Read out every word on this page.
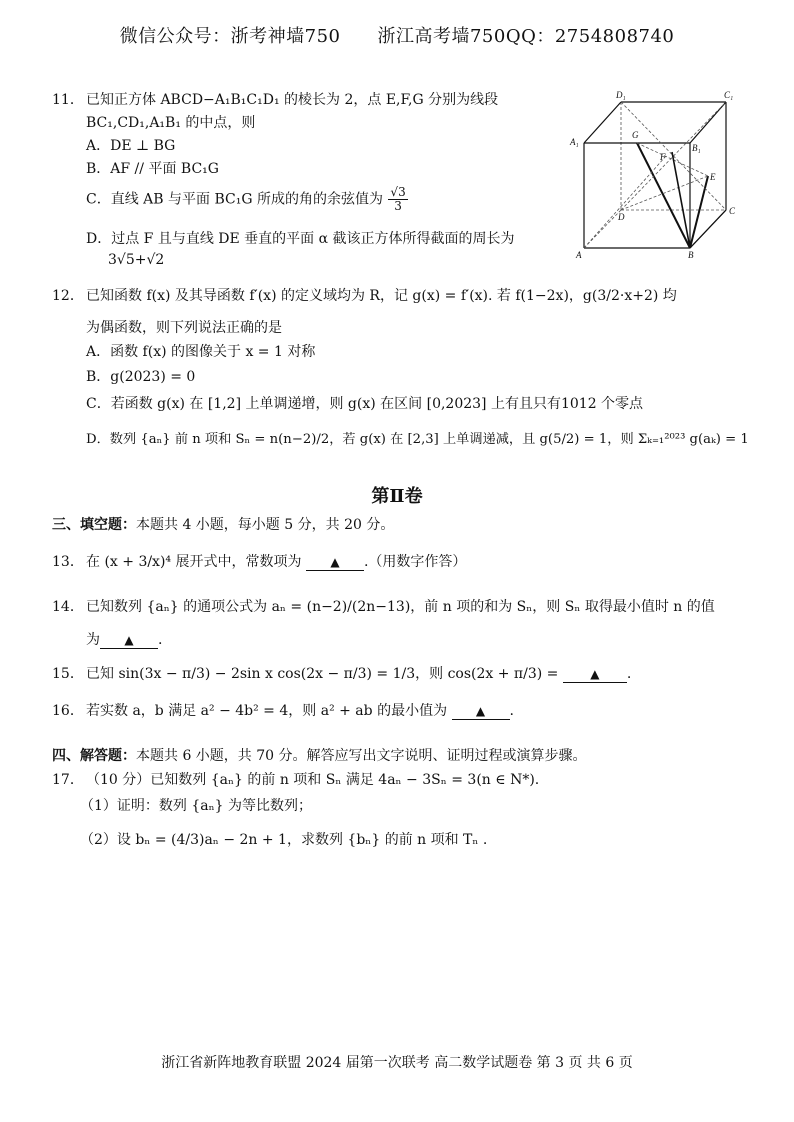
微信公众号：浙考神墙750　　浙江高考墙750QQ：2754808740
11． 已知正方体 ABCD−A₁B₁C₁D₁ 的棱长为 2，点 E,F,G 分别为线段
BC₁,CD₁,A₁B₁ 的中点，则
A．DE ⊥ BG
B．AF // 平面 BC₁G
C．直线 AB 与平面 BC₁G 所成的角的余弦值为 $\frac{√3}{3}$
D．过点 F 且与直线 DE 垂直的平面 α 截该正方体所得截面的周长为
3√5+√2
D₁	C₁
A₁
B₁
G
F
E
D
C
A	B
12． 已知函数 f(x) 及其导函数 f′(x) 的定义域均为 R，记 g(x) = f′(x). 若 f(1−2x)，g(3/2·x+2) 均
为偶函数，则下列说法正确的是
A．函数 f(x) 的图像关于 x = 1 对称
B．g(2023) = 0
C．若函数 g(x) 在 [1,2] 上单调递增，则 g(x) 在区间 [0,2023] 上有且只有1012 个零点
D．数列 {aₙ} 前 n 项和 Sₙ = n(n−2)/2，若 g(x) 在 [2,3] 上单调递减，且 g(5/2) = 1，则 Σₖ₌₁²⁰²³ g(aₖ) = 1
第Ⅱ卷
三、填空题：本题共 4 小题，每小题 5 分，共 20 分。
13． 在 (x + 3/x)⁴ 展开式中，常数项为 ▲ .（用数字作答）
14． 已知数列 {aₙ} 的通项公式为 aₙ = (n−2)/(2n−13)，前 n 项的和为 Sₙ，则 Sₙ 取得最小值时 n 的值
为 ▲ .
15． 已知 sin(3x − π/3) − 2sin x cos(2x − π/3) = 1/3，则 cos(2x + π/3) =	▲ .
16． 若实数 a，b 满足 a² − 4b² = 4，则 a² + ab 的最小值为 ▲ .
四、解答题：本题共 6 小题，共 70 分。解答应写出文字说明、证明过程或演算步骤。
17． （10 分）已知数列 {aₙ} 的前 n 项和 Sₙ 满足 4aₙ − 3Sₙ = 3(n ∈ N*).
（1）证明：数列 {aₙ} 为等比数列；
（2）设 bₙ = (4/3)aₙ − 2n + 1，求数列 {bₙ} 的前 n 项和 Tₙ .
浙江省新阵地教育联盟 2024 届第一次联考 高二数学试题卷 第 3 页 共 6 页
